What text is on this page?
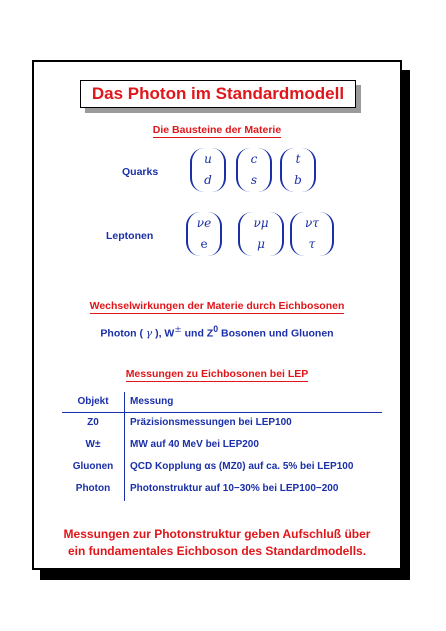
Das Photon im Standardmodell
Die Bausteine der Materie
Quarks
u
d
c
s
t
b
Leptonen
νe
e
νμ
μ
ντ
τ
Wechselwirkungen der Materie durch Eichbosonen
Photon ( γ ), W± und $Z^0$ Bosonen und Gluonen
Messungen zu Eichbosonen bei LEP
Objekt	Messung
Z0	Präzisionsmessungen bei LEP100
W±	MW auf 40 MeV bei LEP200
Gluonen	QCD Kopplung αs (MZ0) auf ca. 5% bei LEP100
Photon	Photonstruktur auf 10−30% bei LEP100−200
Messungen zur Photonstruktur geben Aufschluß über
ein fundamentales Eichboson des Standardmodells.
